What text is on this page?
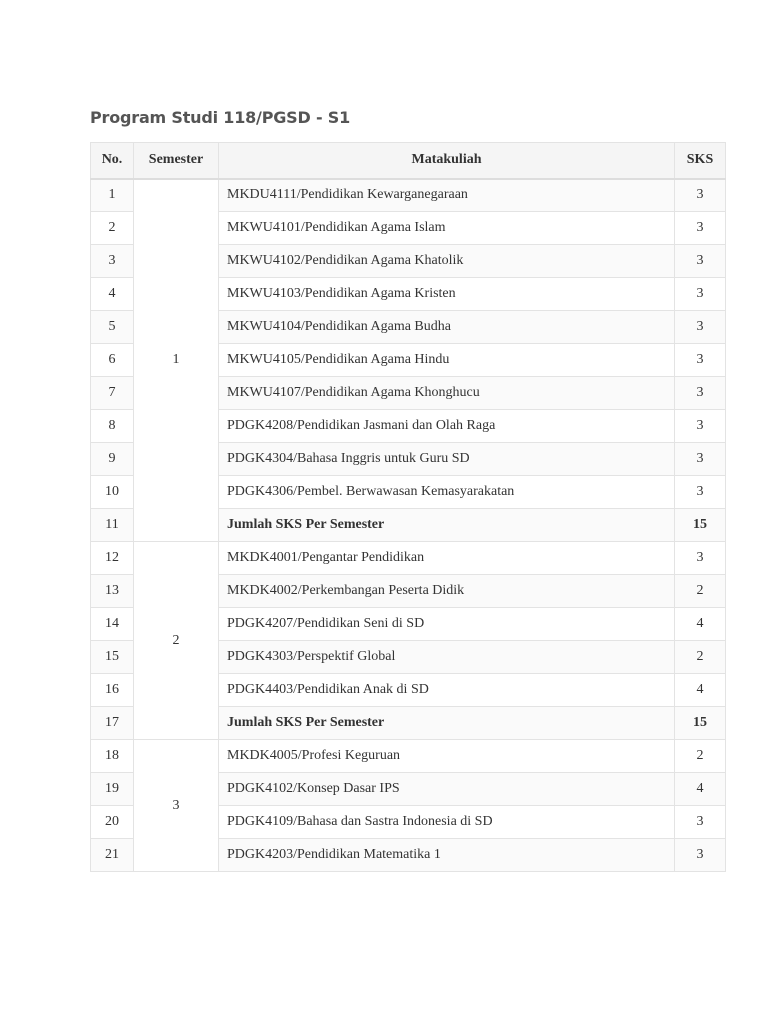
Program Studi 118/PGSD - S1
No.	Semester	Matakuliah	SKS
1	1	MKDU4111/Pendidikan Kewarganegaraan	3
2		MKWU4101/Pendidikan Agama Islam	3
3		MKWU4102/Pendidikan Agama Khatolik	3
4		MKWU4103/Pendidikan Agama Kristen	3
5		MKWU4104/Pendidikan Agama Budha	3
6		MKWU4105/Pendidikan Agama Hindu	3
7		MKWU4107/Pendidikan Agama Khonghucu	3
8		PDGK4208/Pendidikan Jasmani dan Olah Raga	3
9		PDGK4304/Bahasa Inggris untuk Guru SD	3
10		PDGK4306/Pembel. Berwawasan Kemasyarakatan	3
11		Jumlah SKS Per Semester	15
12	2	MKDK4001/Pengantar Pendidikan	3
13		MKDK4002/Perkembangan Peserta Didik	2
14		PDGK4207/Pendidikan Seni di SD	4
15		PDGK4303/Perspektif Global	2
16		PDGK4403/Pendidikan Anak di SD	4
17		Jumlah SKS Per Semester	15
18	3	MKDK4005/Profesi Keguruan	2
19		PDGK4102/Konsep Dasar IPS	4
20		PDGK4109/Bahasa dan Sastra Indonesia di SD	3
21		PDGK4203/Pendidikan Matematika 1	3
